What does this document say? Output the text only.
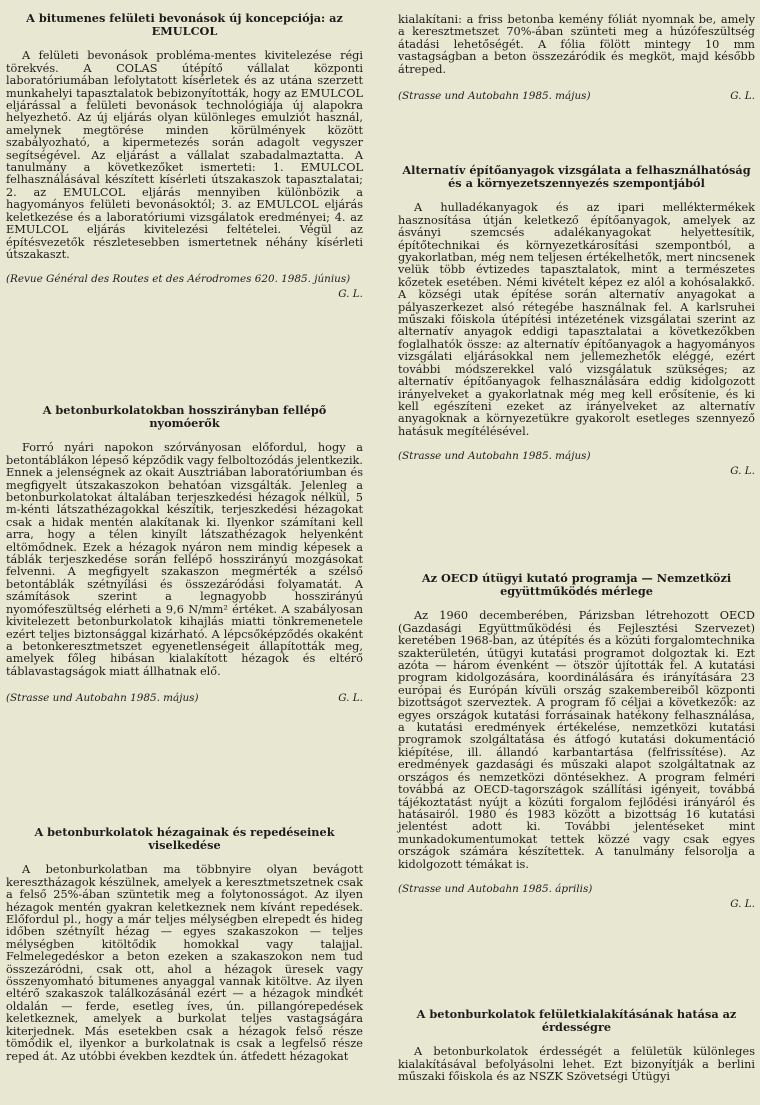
A bitumenes felületi bevonások új koncepciója: az EMULCOL

A felületi bevonások probléma-mentes kivitelezése régi törekvés. A COLAS útépítő vállalat központi laboratóriumában lefolytatott kísérletek és az utána szerzett munkahelyi tapasztalatok bebizonyították, hogy az EMULCOL eljárással a felületi bevonások technológiája új alapokra helyezhető. Az új eljárás olyan különleges emulziót használ, amelynek megtörése minden körülmények között szabályozható, a kipermetezés során adagolt vegyszer segítségével. Az eljárást a vállalat szabadalmaztatta. A tanulmány a következőket ismerteti: 1. EMULCOL felhasználásával készített kísérleti útszakaszok tapasztalatai; 2. az EMULCOL eljárás mennyiben különbözik a hagyományos felületi bevonásoktól; 3. az EMULCOL eljárás keletkezése és a laboratóriumi vizsgálatok eredményei; 4. az EMULCOL eljárás kivitelezési feltételei. Végül az építésvezetők részletesebben ismertetnek néhány kísérleti útszakaszt.

(Revue Général des Routes et des Aérodromes 620. 1985. június)
G. L.
A betonburkolatokban hosszirányban fellépő nyomóerők

Forró nyári napokon szórványosan előfordul, hogy a betontáblákon lépeső képződik vagy felboltozódás jelentkezik. Ennek a jelenségnek az okait Ausztriában laboratóriumban és megfigyelt útszakaszokon behatóan vizsgálták. Jelenleg a betonburkolatokat általában terjeszkedési hézagok nélkül, 5 m-kénti látszathézagokkal készítik, terjeszkedési hézagokat csak a hidak mentén alakítanak ki. Ilyenkor számítani kell arra, hogy a télen kinyílt látszathézagok helyenként eltömődnek. Ezek a hézagok nyáron nem mindig képesek a táblák terjeszkedése során fellépő hosszirányú mozgásokat felvenni. A megfigyelt szakaszon megmérték a szélső betontáblák szétnyílási és összezáródási folyamatát. A számítások szerint a legnagyobb hosszirányú nyomófeszültség elérheti a 9,6 N/mm² értéket. A szabályosan kivitelezett betonburkolatok kihajlás miatti tönkremenetele ezért teljes biztonsággal kizárható. A lépcsőképződés okaként a betonkeresztmetszet egyenetlenségeit állapították meg, amelyek főleg hibásan kialakított hézagok és eltérő táblavastagságok miatt állhatnak elő.

(Strasse und Autobahn 1985. május)	G. L.
A betonburkolatok hézagainak és repedéseinek viselkedése

A betonburkolatban ma többnyire olyan bevágott keresztházagok készülnek, amelyek a keresztmetszetnek csak a felső 25%-ában szüntetik meg a folytonosságot. Az ilyen hézagok mentén gyakran keletkeznek nem kívánt repedések. Előfordul pl., hogy a már teljes mélységben elrepedt és hideg időben szétnyílt hézag — egyes szakaszokon — teljes mélységben kitöltődik homokkal vagy talajjal. Felmelegedéskor a beton ezeken a szakaszokon nem tud összezáródni, csak ott, ahol a hézagok üresek vagy összenyomható bitumenes anyaggal vannak kitöltve. Az ilyen eltérő szakaszok találkozásánál ezért — a hézagok mindkét oldalán — ferde, esetleg íves, ún. pillangórepedések keletkeznek, amelyek a burkolat teljes vastagságára kiterjednek. Más esetekben csak a hézagok felső része tömődik el, ilyenkor a burkolatnak is csak a legfelső része reped át. Az utóbbi években kezdtek ún. átfedett hézagokat

kialakítani: a friss betonba kemény fóliát nyomnak be, amely a keresztmetszet 70%-ában szünteti meg a húzófeszültség átadási lehetőségét. A fólia fölött mintegy 10 mm vastagságban a beton összezáródik és megköt, majd később átreped.

(Strasse und Autobahn 1985. május)	G. L.
Alternatív építőanyagok vizsgálata a felhasználhatóság és a környezetszennyezés szempontjából

A hulladékanyagok és az ipari melléktermékek hasznosítása útján keletkező építőanyagok, amelyek az ásványi szemcsés adalékanyagokat helyettesítik, építőtechnikai és környezetkárosítási szempontból, a gyakorlatban, még nem teljesen értékelhetők, mert nincsenek velük több évtizedes tapasztalatok, mint a természetes kőzetek esetében. Némi kivételt képez ez alól a kohósalakkő. A községi utak építése során alternatív anyagokat a pályaszerkezet alsó rétegébe használnak fel. A karlsruhei műszaki főiskola útépítési intézetének vizsgálatai szerint az alternatív anyagok eddigi tapasztalatai a következőkben foglalhatók össze: az alternatív építőanyagok a hagyományos vizsgálati eljárásokkal nem jellemezhetők eléggé, ezért további módszerekkel való vizsgálatuk szükséges; az alternatív építőanyagok felhasználására eddig kidolgozott irányelveket a gyakorlatnak még meg kell erősítenie, és ki kell egészíteni ezeket az irányelveket az alternatív anyagoknak a környezetükre gyakorolt esetleges szennyező hatásuk megítélésével.

(Strasse und Autobahn 1985. május)
G. L.
Az OECD útügyi kutató programja — Nemzetközi együttműködés mérlege

Az 1960 decemberében, Párizsban létrehozott OECD (Gazdasági Együttműködési és Fejlesztési Szervezet) keretében 1968-ban, az útépítés és a közúti forgalomtechnika szakterületén, útügyi kutatási programot dolgoztak ki. Ezt azóta — három évenként — ötször újították fel. A kutatási program kidolgozására, koordinálására és irányítására 23 európai és Európán kívüli ország szakembereiből központi bizottságot szerveztek. A program fő céljai a következők: az egyes országok kutatási forrásainak hatékony felhasználása, a kutatási eredmények értékelése, nemzetközi kutatási programok szolgáltatása és átfogó kutatási dokumentáció kiépítése, ill. állandó karbantartása (felfrissítése). Az eredmények gazdasági és műszaki alapot szolgáltatnak az országos és nemzetközi döntésekhez. A program felméri továbbá az OECD-tagországok szállítási igényeit, továbbá tájékoztatást nyújt a közúti forgalom fejlődési irányáról és hatásairól. 1980 és 1983 között a bizottság 16 kutatási jelentést adott ki. További jelentéseket mint munkadokumentumokat tettek közzé vagy csak egyes országok számára készítettek. A tanulmány felsorolja a kidolgozott témákat is.

(Strasse und Autobahn 1985. április)
G. L.
A betonburkolatok felületkialakításának hatása az érdességre

A betonburkolatok érdességét a felületük különleges kialakításával befolyásolni lehet. Ezt bizonyítják a berlini műszaki főiskola és az NSZK Szövetségi Útügyi
